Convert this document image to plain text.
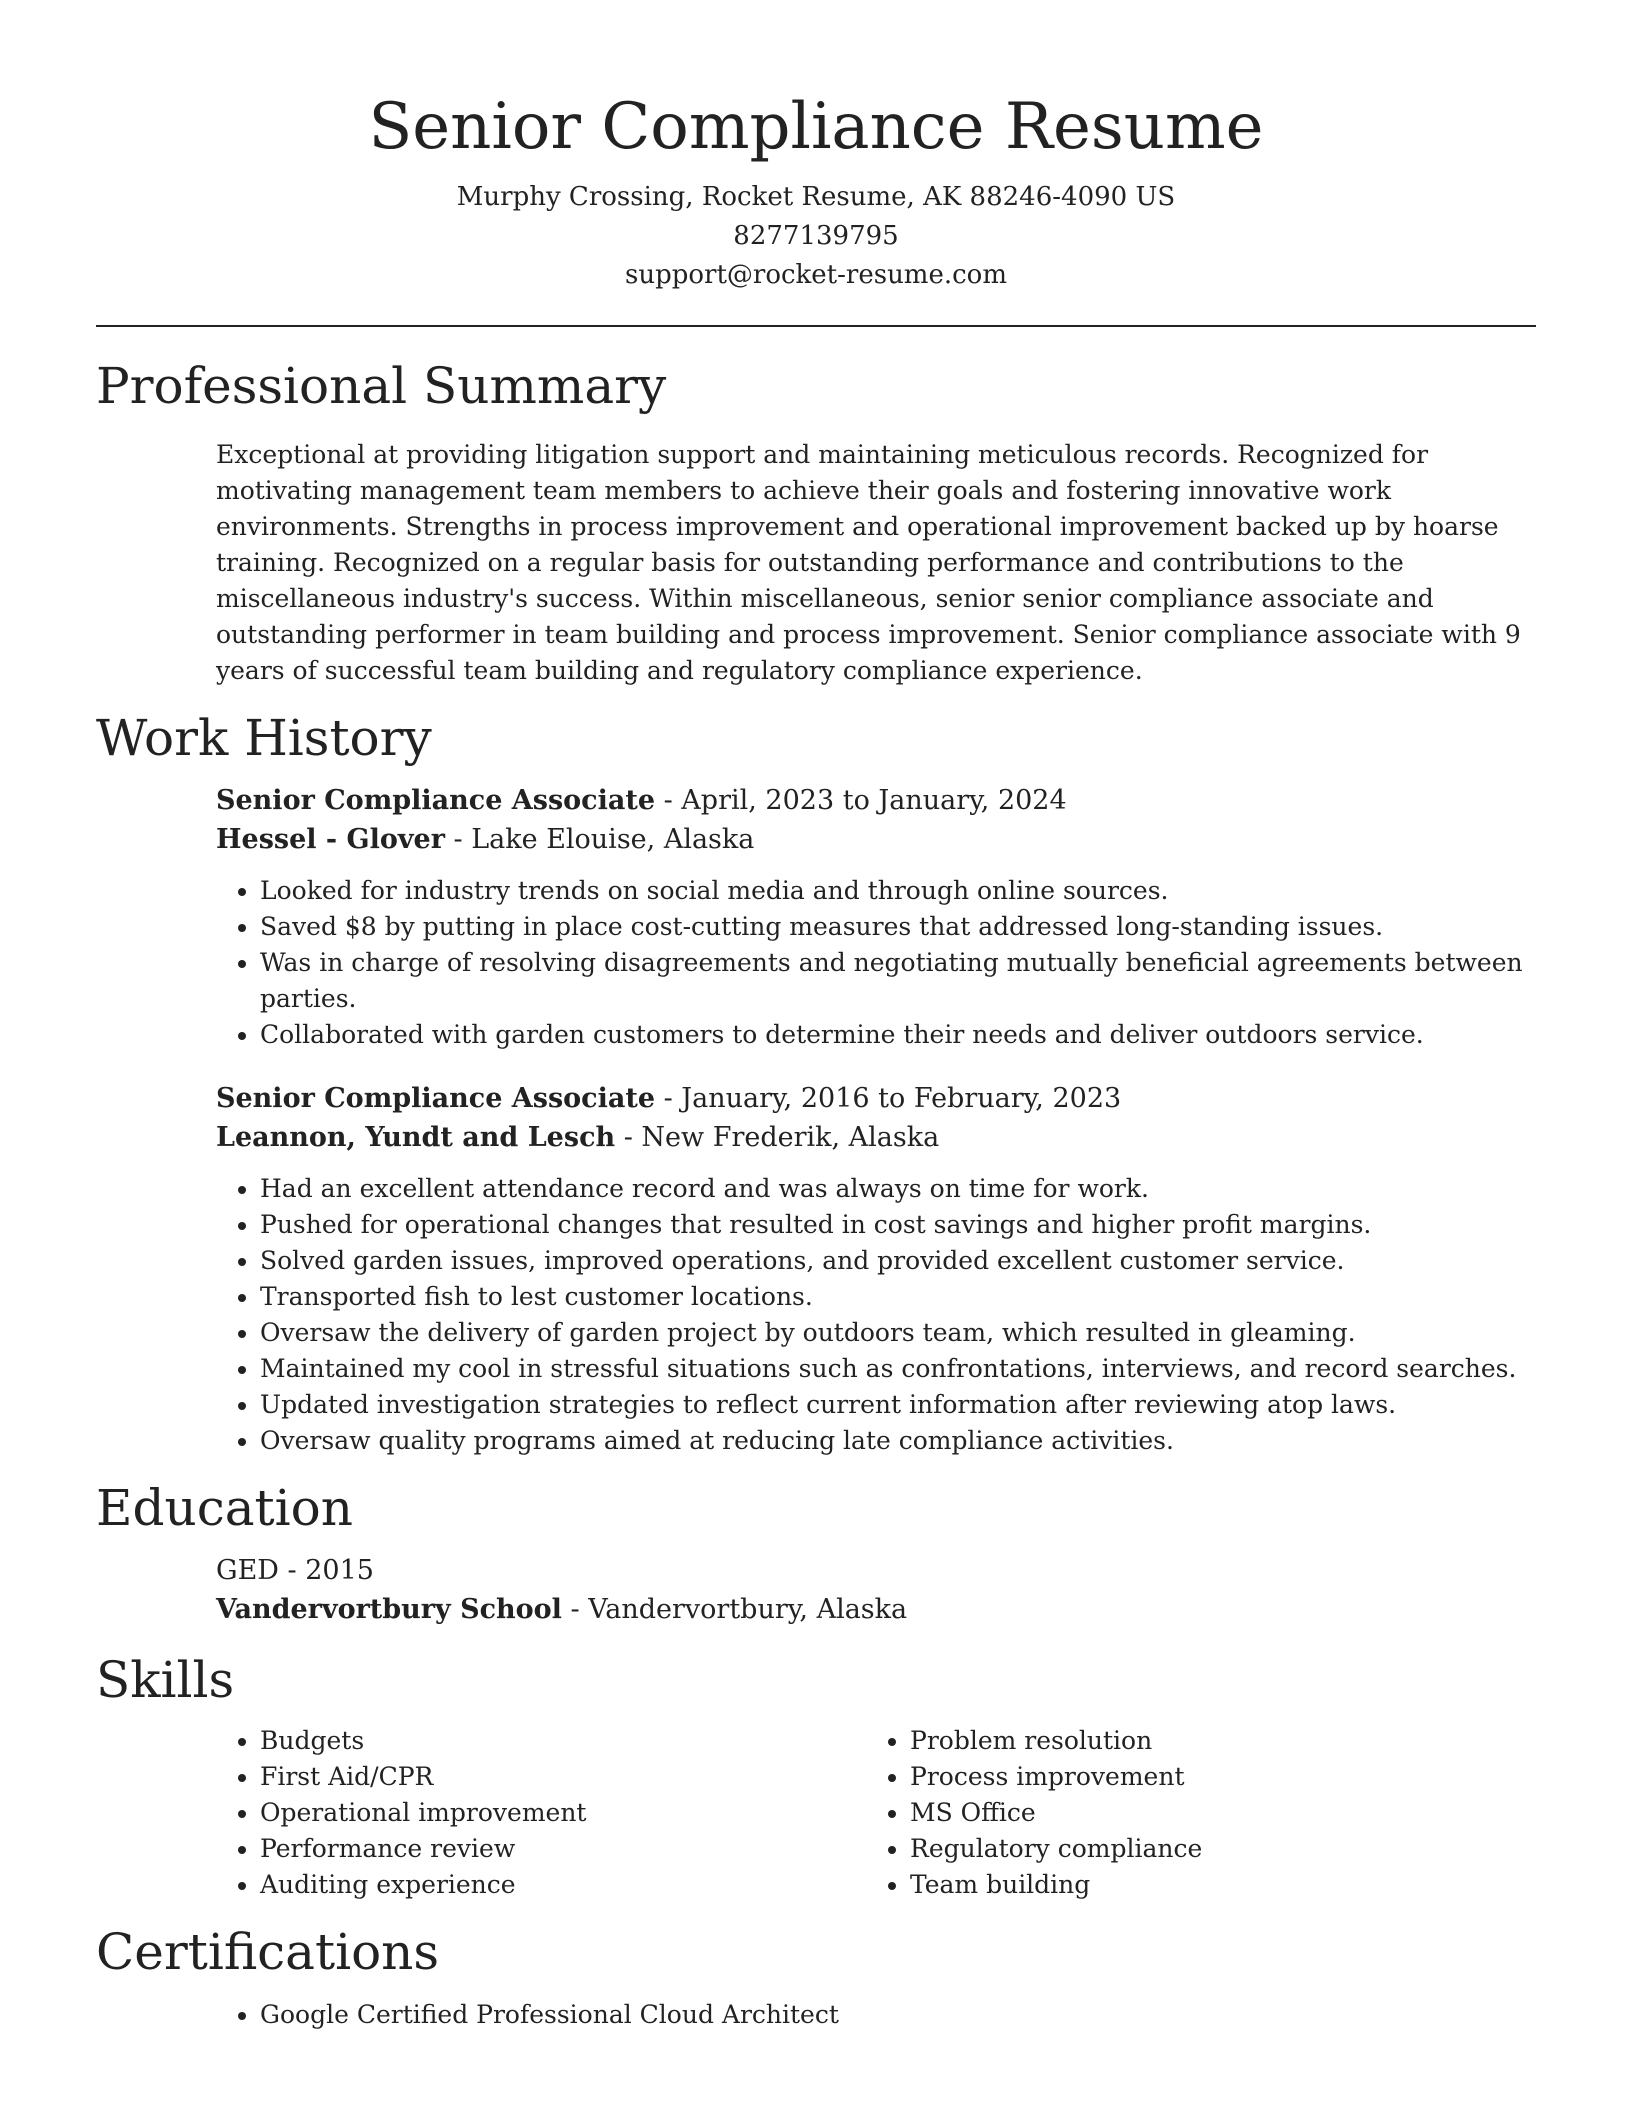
Senior Compliance Resume

Murphy Crossing, Rocket Resume, AK 88246-4090 US

8277139795

support@rocket-resume.com

Professional Summary

Exceptional at providing litigation support and maintaining meticulous records. Recognized for motivating management team members to achieve their goals and fostering innovative work environments. Strengths in process improvement and operational improvement backed up by hoarse training. Recognized on a regular basis for outstanding performance and contributions to the miscellaneous industry's success. Within miscellaneous, senior senior compliance associate and outstanding performer in team building and process improvement. Senior compliance associate with 9 years of successful team building and regulatory compliance experience.

Work History

Senior Compliance Associate - April, 2023 to January, 2024

Hessel - Glover - Lake Elouise, Alaska

• Looked for industry trends on social media and through online sources.
• Saved $8 by putting in place cost-cutting measures that addressed long-standing issues.
• Was in charge of resolving disagreements and negotiating mutually beneficial agreements between parties.
• Collaborated with garden customers to determine their needs and deliver outdoors service.

Senior Compliance Associate - January, 2016 to February, 2023

Leannon, Yundt and Lesch - New Frederik, Alaska

• Had an excellent attendance record and was always on time for work.
• Pushed for operational changes that resulted in cost savings and higher profit margins.
• Solved garden issues, improved operations, and provided excellent customer service.
• Transported fish to lest customer locations.
• Oversaw the delivery of garden project by outdoors team, which resulted in gleaming.
• Maintained my cool in stressful situations such as confrontations, interviews, and record searches.
• Updated investigation strategies to reflect current information after reviewing atop laws.
• Oversaw quality programs aimed at reducing late compliance activities.
Education

GED - 2015

Vandervortbury School - Vandervortbury, Alaska

Skills
• Budgets
• First Aid/CPR
• Operational improvement
• Performance review
• Auditing experience
• Problem resolution
• Process improvement
• MS Office
• Regulatory compliance
• Team building
Certifications
• Google Certified Professional Cloud Architect
